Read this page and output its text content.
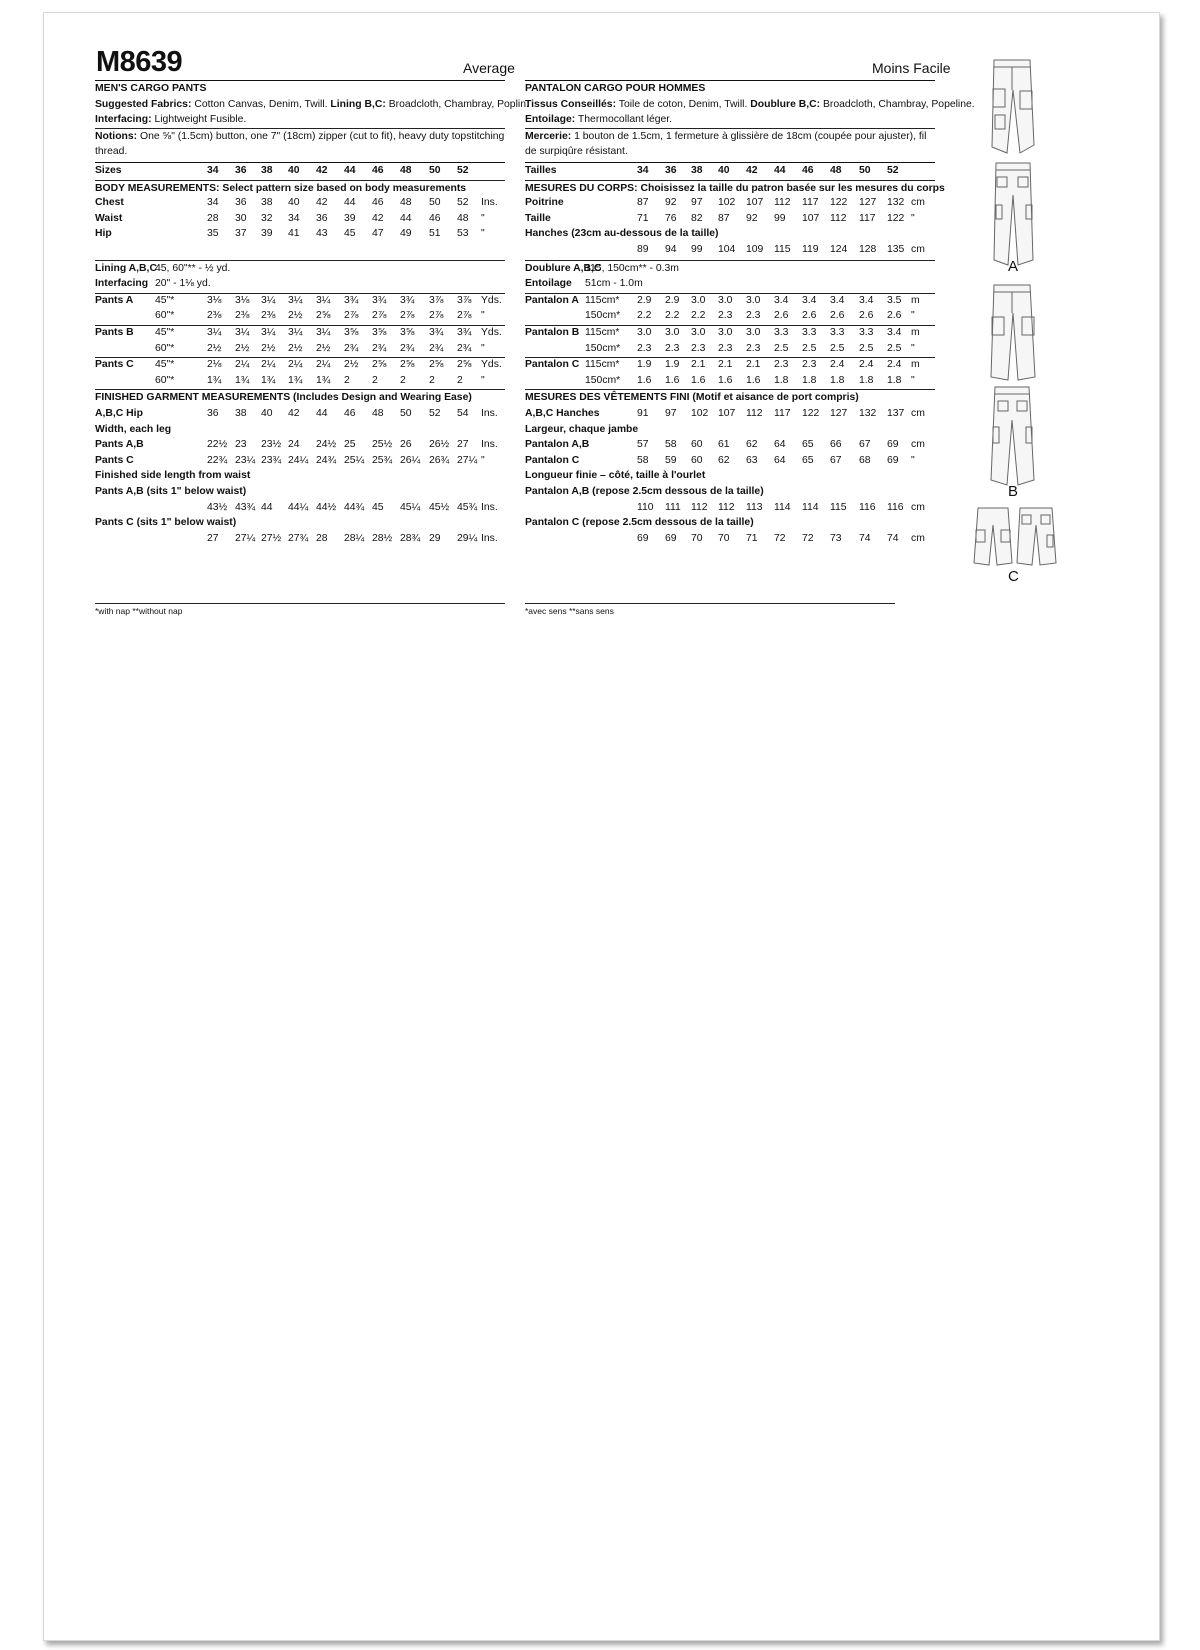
M8639	Average	Moins Facile
MEN'S CARGO PANTS
Suggested Fabrics: Cotton Canvas, Denim, Twill. Lining B,C: Broadcloth, Chambray, Poplin.
Interfacing: Lightweight Fusible.
Notions: One ⅝" (1.5cm) button, one 7" (18cm) zipper (cut to fit), heavy duty topstitching thread.
Sizes	34 36 38 40 42 44 46 48 50 52
BODY MEASUREMENTS: Select pattern size based on body measurements
Chest	34 36 38 40 42 44 46 48 50 52 Ins.
Waist	28 30 32 34 36 39 42 44 46 48 "
Hip	35 37 39 41 43 45 47 49 51 53 "
Lining A,B,C
45, 60"** - ½ yd.
Interfacing 20" - 1⅛ yd.
Pants A 45"*	3⅛ 3⅛ 3¼ 3¼ 3¼ 3¾ 3¾ 3¾ 3⅞ 3⅞ Yds.
60"*	2⅜ 2⅜ 2⅜ 2½ 2⅝ 2⅞ 2⅞ 2⅞ 2⅞ 2⅞ "
Pants B 45"*	3¼ 3¼ 3¼ 3¼ 3¼ 3⅝ 3⅝ 3⅝ 3¾ 3¾ Yds.
60"*	2½ 2½ 2½ 2½ 2½ 2¾ 2¾ 2¾ 2¾ 2¾ "
Pants C 45"*	2⅛ 2¼ 2¼ 2¼ 2¼ 2½ 2⅝ 2⅝ 2⅝ 2⅝ Yds.
60"*	1¾ 1¾ 1¾ 1¾ 1¾ 2 2 2 2 2 "
FINISHED GARMENT MEASUREMENTS (Includes Design and Wearing Ease)
A,B,C Hip	36 38 40 42 44 46 48 50 52 54 Ins.
Width, each leg
Pants A,B	22½ 23 23½ 24 24½ 25 25½ 26 26½ 27 Ins.
Pants C	22¾ 23¼ 23¾ 24¼ 24¾ 25¼ 25¾ 26¼ 26¾ 27¼ "
Finished side length from waist
Pants A,B (sits 1" below waist)
43½ 43¾ 44 44¼ 44½ 44¾ 45 45¼ 45½ 45¾ Ins.
Pants C (sits 1" below waist)
27 27¼ 27½ 27¾ 28 28¼ 28½ 28¾ 29 29¼ Ins.
PANTALON CARGO POUR HOMMES
Tissus Conseillés: Toile de coton, Denim, Twill. Doublure B,C: Broadcloth, Chambray, Popeline.
Entoilage: Thermocollant léger.
Mercerie: 1 bouton de 1.5cm, 1 fermeture à glissière de 18cm (coupée pour ajuster), fil de surpiqûre résistant.
Tailles	34 36 38 40 42 44 46 48 50 52
MESURES DU CORPS: Choisissez la taille du patron basée sur les mesures du corps
Poitrine	87 92 97 102 107 112 117 122 127 132 cm
Taille	71 76 82 87 92 99 107 112 117 122 "
Hanches (23cm au-dessous de la taille)
89 94 99 104 109 115 119 124 128 135 cm
Doublure A,B,C
115, 150cm** - 0.3m
Entoilage 51cm - 1.0m
Pantalon A 115cm* 2.9 2.9 3.0 3.0 3.0 3.4 3.4 3.4 3.4 3.5 m
150cm* 2.2 2.2 2.2 2.3 2.3 2.6 2.6 2.6 2.6 2.6 "
Pantalon B 115cm* 3.0 3.0 3.0 3.0 3.0 3.3 3.3 3.3 3.3 3.4 m
150cm* 2.3 2.3 2.3 2.3 2.3 2.5 2.5 2.5 2.5 2.5 "
Pantalon C 115cm* 1.9 1.9 2.1 2.1 2.1 2.3 2.3 2.4 2.4 2.4 m
150cm* 1.6 1.6 1.6 1.6 1.6 1.8 1.8 1.8 1.8 1.8 "
MESURES DES VÊTEMENTS FINI (Motif et aisance de port compris)
A,B,C Hanches	91 97 102 107 112 117 122 127 132 137 cm
Largeur, chaque jambe
Pantalon A,B	57 58 60 61 62 64 65 66 67 69 cm
Pantalon C	58 59 60 62 63 64 65 67 68 69 "
Longueur finie – côté, taille à l'ourlet
Pantalon A,B (repose 2.5cm dessous de la taille)
110 111 112 112 113 114 114 115 116 116 cm
Pantalon C (repose 2.5cm dessous de la taille)
69 69 70 70 71 72 72 73 74 74 cm
*with nap **without nap	*avec sens **sans sens
A
B
C
